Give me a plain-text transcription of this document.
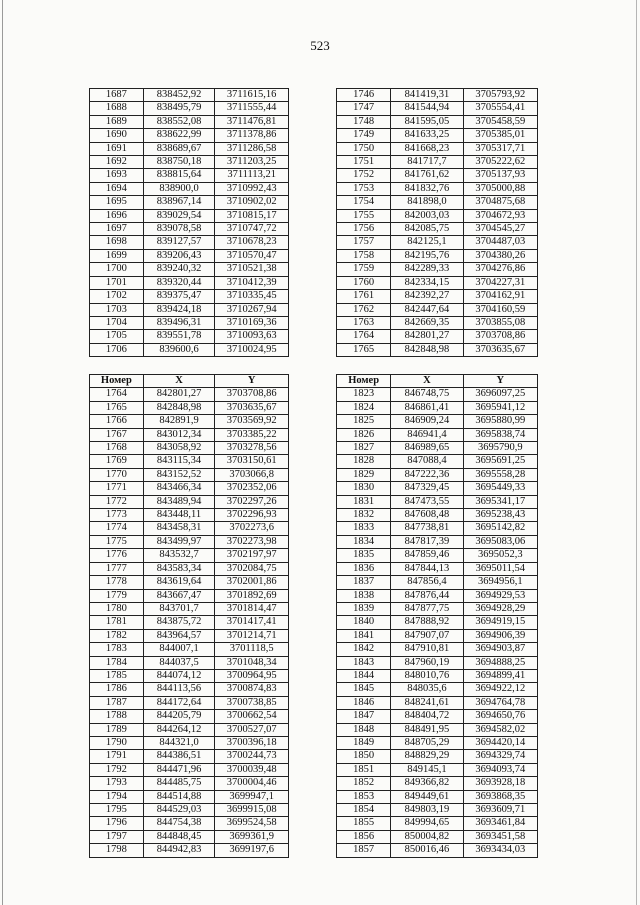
523
1687	838452,92	3711615,16
1688	838495,79	3711555,44
1689	838552,08	3711476,81
1690	838622,99	3711378,86
1691	838689,67	3711286,58
1692	838750,18	3711203,25
1693	838815,64	3711113,21
1694	838900,0	3710992,43
1695	838967,14	3710902,02
1696	839029,54	3710815,17
1697	839078,58	3710747,72
1698	839127,57	3710678,23
1699	839206,43	3710570,47
1700	839240,32	3710521,38
1701	839320,44	3710412,39
1702	839375,47	3710335,45
1703	839424,18	3710267,94
1704	839496,31	3710169,36
1705	839551,78	3710093,63
1706	839600,6	3710024,95
1746	841419,31	3705793,92
1747	841544,94	3705554,41
1748	841595,05	3705458,59
1749	841633,25	3705385,01
1750	841668,23	3705317,71
1751	841717,7	3705222,62
1752	841761,62	3705137,93
1753	841832,76	3705000,88
1754	841898,0	3704875,68
1755	842003,03	3704672,93
1756	842085,75	3704545,27
1757	842125,1	3704487,03
1758	842195,76	3704380,26
1759	842289,33	3704276,86
1760	842334,15	3704227,31
1761	842392,27	3704162,91
1762	842447,64	3704160,59
1763	842669,35	3703855,08
1764	842801,27	3703708,86
1765	842848,98	3703635,67
Номер	X	Y
1764	842801,27	3703708,86
1765	842848,98	3703635,67
1766	842891,9	3703569,92
1767	843012,34	3703385,22
1768	843058,92	3703278,56
1769	843115,34	3703150,61
1770	843152,52	3703066,8
1771	843466,34	3702352,06
1772	843489,94	3702297,26
1773	843448,11	3702296,93
1774	843458,31	3702273,6
1775	843499,97	3702273,98
1776	843532,7	3702197,97
1777	843583,34	3702084,75
1778	843619,64	3702001,86
1779	843667,47	3701892,69
1780	843701,7	3701814,47
1781	843875,72	3701417,41
1782	843964,57	3701214,71
1783	844007,1	3701118,5
1784	844037,5	3701048,34
1785	844074,12	3700964,95
1786	844113,56	3700874,83
1787	844172,64	3700738,85
1788	844205,79	3700662,54
1789	844264,12	3700527,07
1790	844321,0	3700396,18
1791	844386,51	3700244,73
1792	844471,96	3700039,48
1793	844485,75	3700004,46
1794	844514,88	3699947,1
1795	844529,03	3699915,08
1796	844754,38	3699524,58
1797	844848,45	3699361,9
1798	844942,83	3699197,6
Номер	X	Y
1823	846748,75	3696097,25
1824	846861,41	3695941,12
1825	846909,24	3695880,99
1826	846941,4	3695838,74
1827	846989,65	3695790,9
1828	847088,4	3695691,25
1829	847222,36	3695558,28
1830	847329,45	3695449,33
1831	847473,55	3695341,17
1832	847608,48	3695238,43
1833	847738,81	3695142,82
1834	847817,39	3695083,06
1835	847859,46	3695052,3
1836	847844,13	3695011,54
1837	847856,4	3694956,1
1838	847876,44	3694929,53
1839	847877,75	3694928,29
1840	847888,92	3694919,15
1841	847907,07	3694906,39
1842	847910,81	3694903,87
1843	847960,19	3694888,25
1844	848010,76	3694899,41
1845	848035,6	3694922,12
1846	848241,61	3694764,78
1847	848404,72	3694650,76
1848	848491,95	3694582,02
1849	848705,29	3694420,14
1850	848829,29	3694329,74
1851	849145,1	3694093,74
1852	849366,82	3693928,18
1853	849449,61	3693868,35
1854	849803,19	3693609,71
1855	849994,65	3693461,84
1856	850004,82	3693451,58
1857	850016,46	3693434,03
